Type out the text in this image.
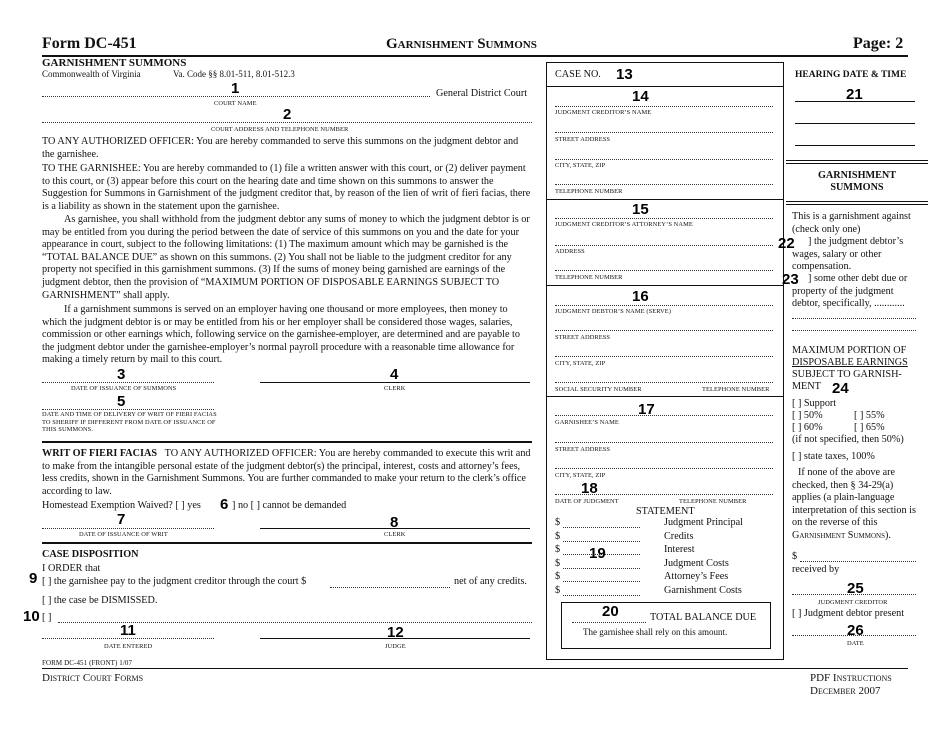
Form DC-451	Garnishment Summons	Page: 2
GARNISHMENT SUMMONS
Commonwealth of Virginia	Va. Code §§ 8.01-511, 8.01-512.3
General District Court
COURT NAME
COURT ADDRESS AND TELEPHONE NUMBER
TO ANY AUTHORIZED OFFICER: You are hereby commanded to serve this summons on the judgment debtor and the garnishee.
TO THE GARNISHEE: You are hereby commanded to (1) file a written answer with this court, or (2) deliver payment to this court, or (3) appear before this court on the hearing date and time shown on this summons to answer the Suggestion for Summons in Garnishment of the judgment creditor that, by reason of the lien of writ of fieri facias, there is a liability as shown in the statement upon the garnishee.
As garnishee, you shall withhold from the judgment debtor any sums of money to which the judgment debtor is or may be entitled from you during the period between the date of service of this summons on you and the date for your appearance in court, subject to the following limitations: (1) The maximum amount which may be garnished is the “TOTAL BALANCE DUE” as shown on this summons. (2) You shall not be liable to the judgment creditor for any property not specified in this garnishment summons. (3) If the sums of money being garnished are earnings of the judgment debtor, then the provision of “MAXIMUM PORTION OF DISPOSABLE EARNINGS SUBJECT TO GARNISHMENT” shall apply.
If a garnishment summons is served on an employer having one thousand or more employees, then money to which the judgment debtor is or may be entitled from his or her employer shall be considered those wages, salaries, commission or other earnings which, following service on the garnishee-employer, are determined and are payable to the judgment debtor under the garnishee-employer’s normal payroll procedure with a reasonable time allowance for making a timely return by mail to this court.
DATE OF ISSUANCE OF SUMMONS	CLERK
DATE AND TIME OF DELIVERY OF WRIT OF FIERI FACIAS TO SHERIFF IF DIFFERENT FROM DATE OF ISSUANCE OF THIS SUMMONS.
WRIT OF FIERI FACIAS TO ANY AUTHORIZED OFFICER: You are hereby commanded to execute this writ and to make from the intangible personal estate of the judgment debtor(s) the principal, interest, costs and attorney’s fees, less credits, shown in the Garnishment Summons. You are further commanded to make your return to the clerk’s office according to law.
Homestead Exemption Waived? [ ] yes	] no [ ] cannot be demanded
DATE OF ISSUANCE OF WRIT	CLERK
CASE DISPOSITION
I ORDER that
[ ] the garnishee pay to the judgment creditor through the court $	net of any credits.
[ ] the case be DISMISSED.
[ ]
DATE ENTERED	JUDGE
FORM DC-451 (FRONT) 1/07
District Court Forms	PDF Instructions
December 2007
CASE NO.
JUDGMENT CREDITOR’S NAME
STREET ADDRESS
CITY, STATE, ZIP
TELEPHONE NUMBER
JUDGMENT CREDITOR’S ATTORNEY’S NAME
ADDRESS
TELEPHONE NUMBER
JUDGMENT DEBTOR’S NAME (SERVE)
STREET ADDRESS
CITY, STATE, ZIP
SOCIAL SECURITY NUMBER	TELEPHONE NUMBER
GARNISHEE’S NAME
STREET ADDRESS
CITY, STATE, ZIP
DATE OF JUDGMENT	TELEPHONE NUMBER
STATEMENT
$	Judgment Principal
$	Credits
$	Interest
$	Judgment Costs
$	Attorney’s Fees
$	Garnishment Costs
TOTAL BALANCE DUE
The garnishee shall rely on this amount.
HEARING DATE & TIME
GARNISHMENT
SUMMONS
This is a garnishment against (check only one)
] the judgment debtor’s wages, salary or other compensation.
] some other debt due or property of the judgment debtor, specifically, ............
MAXIMUM PORTION OF
DISPOSABLE EARNINGS
SUBJECT TO GARNISH-
MENT
[ ] Support
[ ] 50%	[ ] 55%
[ ] 60%	[ ] 65%
(if not specified, then 50%)
[ ] state taxes, 100%
If none of the above are checked, then § 34-29(a) applies (a plain-language interpretation of this section is on the reverse of this Garnishment Summons).
$
received by
JUDGMENT CREDITOR
[ ] Judgment debtor present
DATE
1
2
3	4
5
6
7	8
9
10
11	12
13
14
15
16
17
18
19
20
21
22
23
24
25
26
